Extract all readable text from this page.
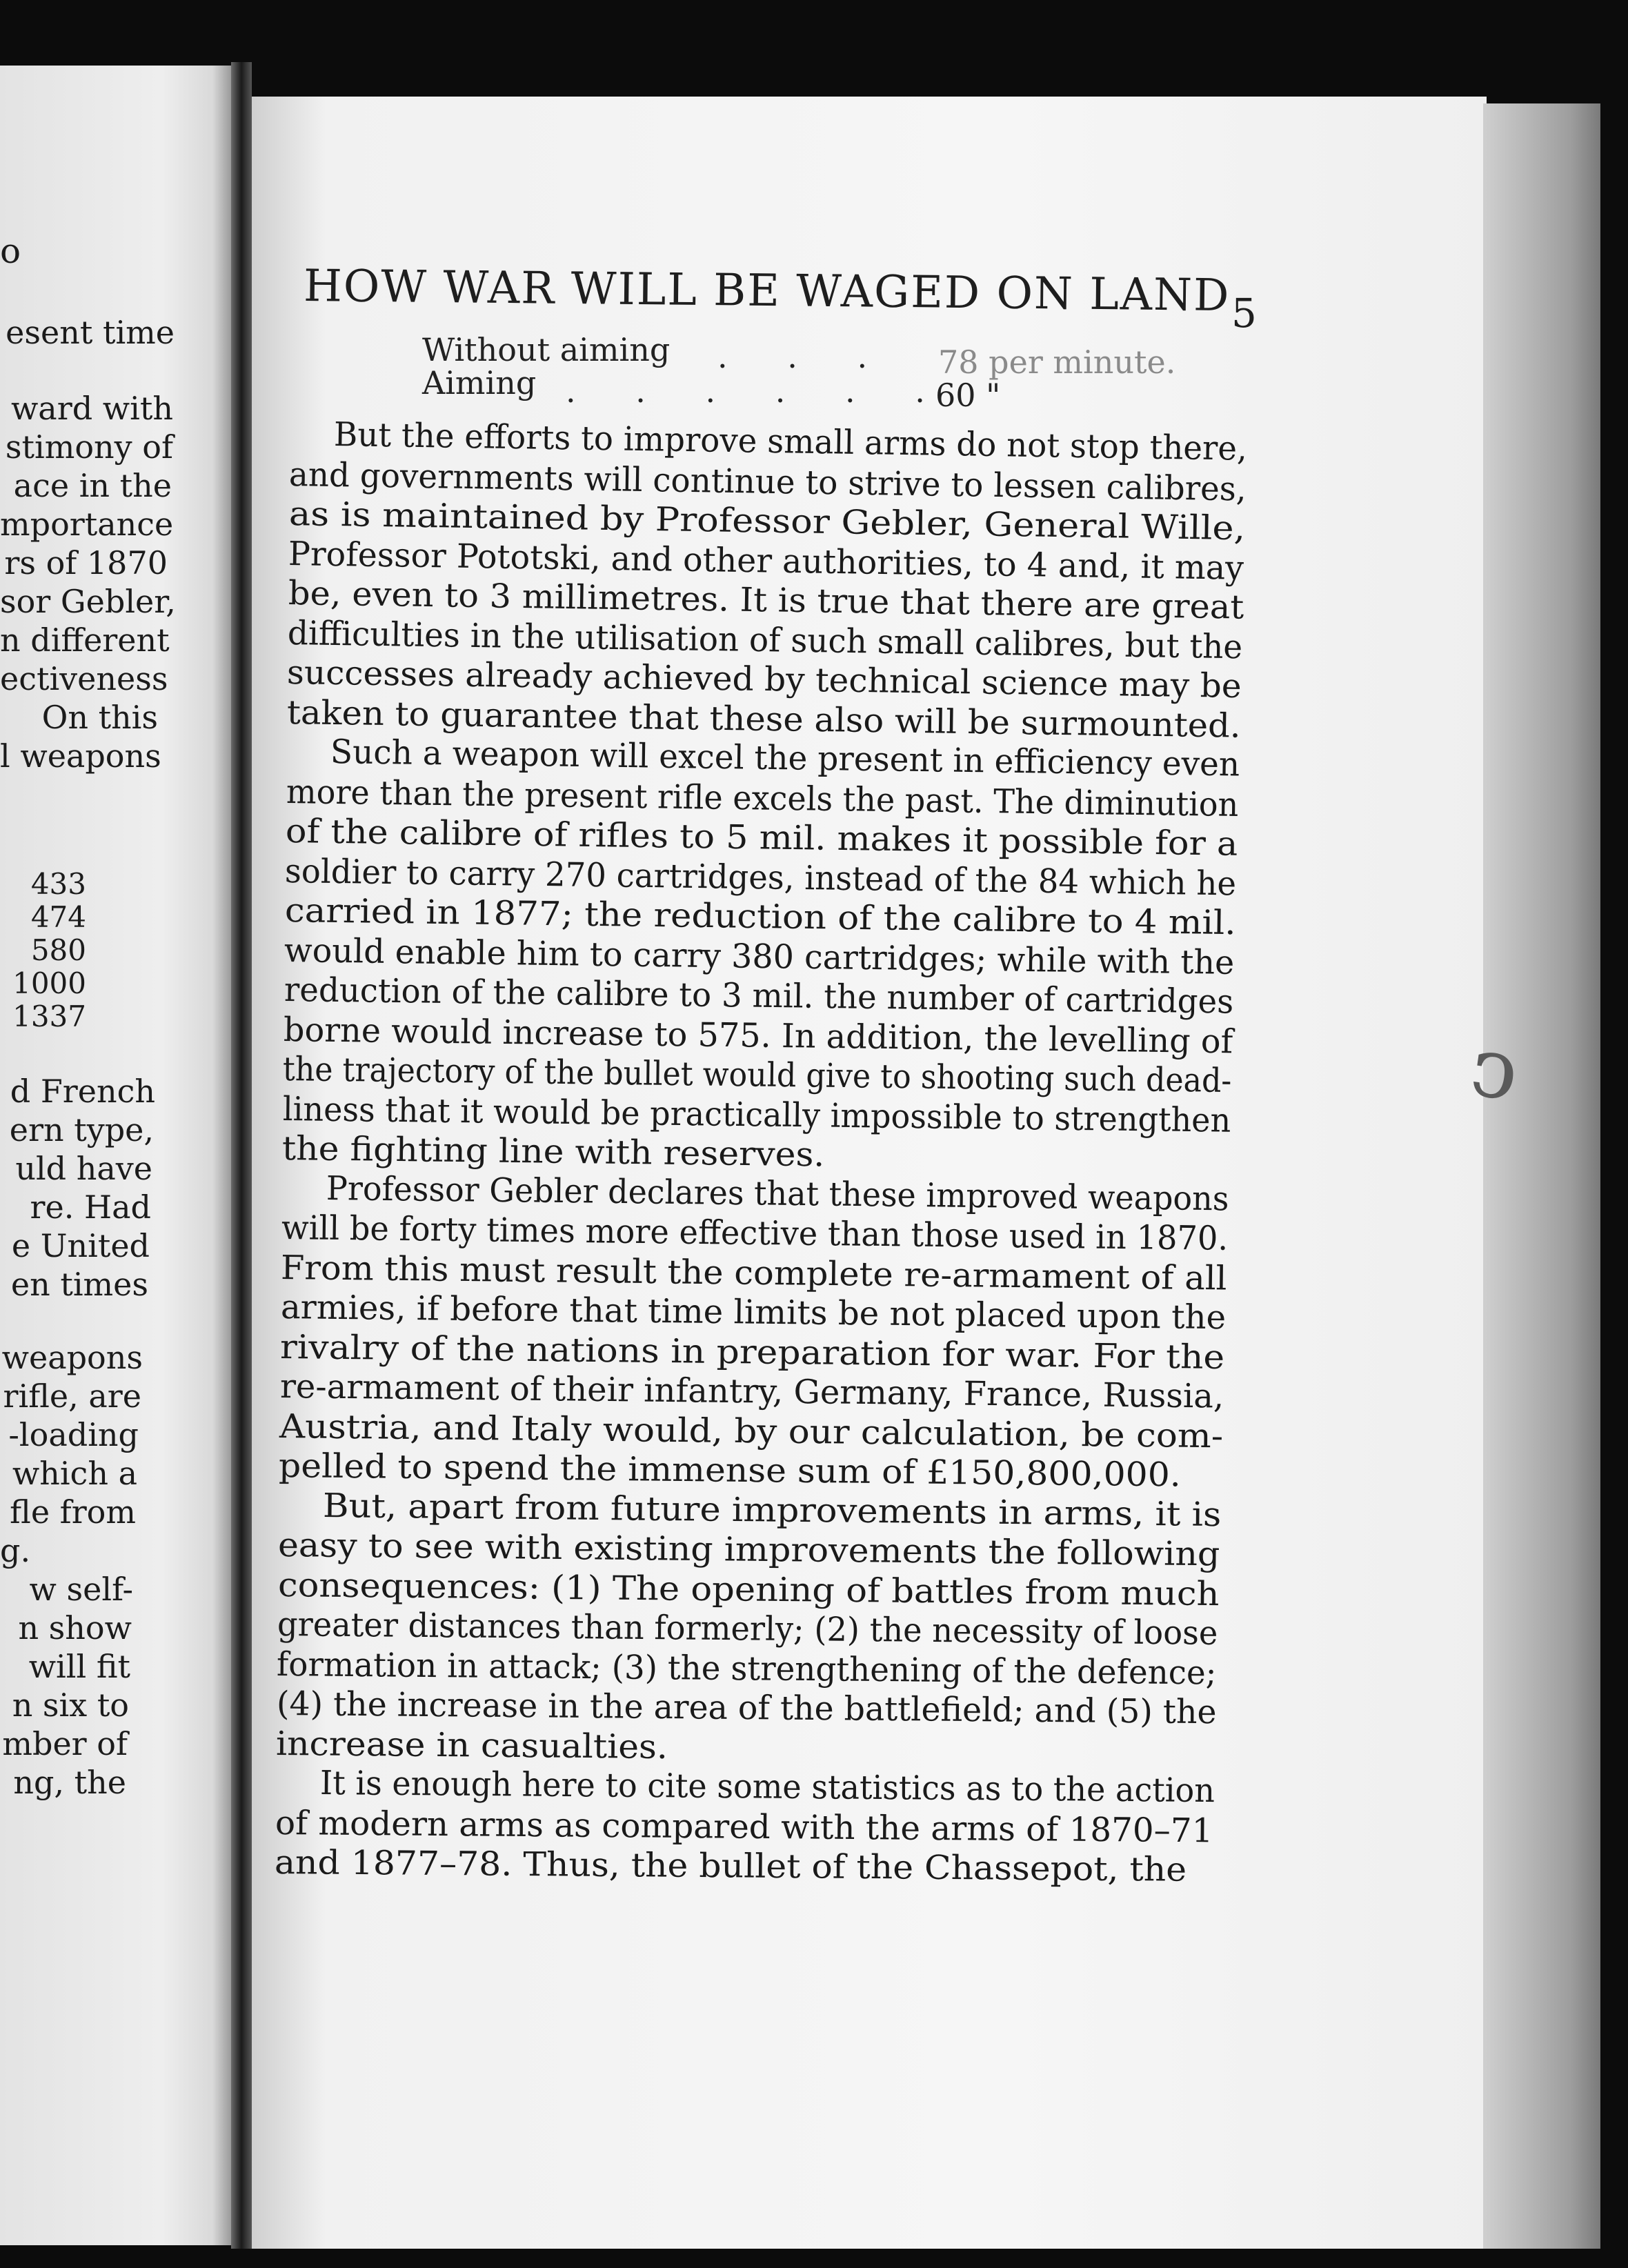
o
esent time
ward with
stimony of
ace in the
mportance
rs of 1870
sor Gebler,
n different
ectiveness
On this
l weapons
433
474
580
1000
1337
d French
ern type,
uld have
re. Had
e United
en times
weapons
rifle, are
-loading
which a
fle from
g.
w self-
n show
will fit
n six to
mber of
ng, the
ͻ
HOW WAR WILL BE WAGED ON LAND 5
Without aiming . . . 78 per minute.
Aiming . . . . . .
60 "
But the efforts to improve small arms do not stop there,
and governments will continue to strive to lessen calibres,
as is maintained by Professor Gebler, General Wille,
Professor Pototski, and other authorities, to 4 and, it may
be, even to 3 millimetres. It is true that there are great
difficulties in the utilisation of such small calibres, but the
successes already achieved by technical science may be
taken to guarantee that these also will be surmounted.
Such a weapon will excel the present in efficiency even
more than the present rifle excels the past. The diminution
of the calibre of rifles to 5 mil. makes it possible for a
soldier to carry 270 cartridges, instead of the 84 which he
carried in 1877; the reduction of the calibre to 4 mil.
would enable him to carry 380 cartridges; while with the
reduction of the calibre to 3 mil. the number of cartridges
borne would increase to 575. In addition, the levelling of
the trajectory of the bullet would give to shooting such dead-
liness that it would be practically impossible to strengthen
the fighting line with reserves.
Professor Gebler declares that these improved weapons
will be forty times more effective than those used in 1870.
From this must result the complete re-armament of all
armies, if before that time limits be not placed upon the
rivalry of the nations in preparation for war. For the
re-armament of their infantry, Germany, France, Russia,
Austria, and Italy would, by our calculation, be com-
pelled to spend the immense sum of £150,800,000.
But, apart from future improvements in arms, it is
easy to see with existing improvements the following
consequences: (1) The opening of battles from much
greater distances than formerly; (2) the necessity of loose
formation in attack; (3) the strengthening of the defence;
(4) the increase in the area of the battlefield; and (5) the
increase in casualties.
It is enough here to cite some statistics as to the action
of modern arms as compared with the arms of 1870–71
and 1877–78. Thus, the bullet of the Chassepot, the
